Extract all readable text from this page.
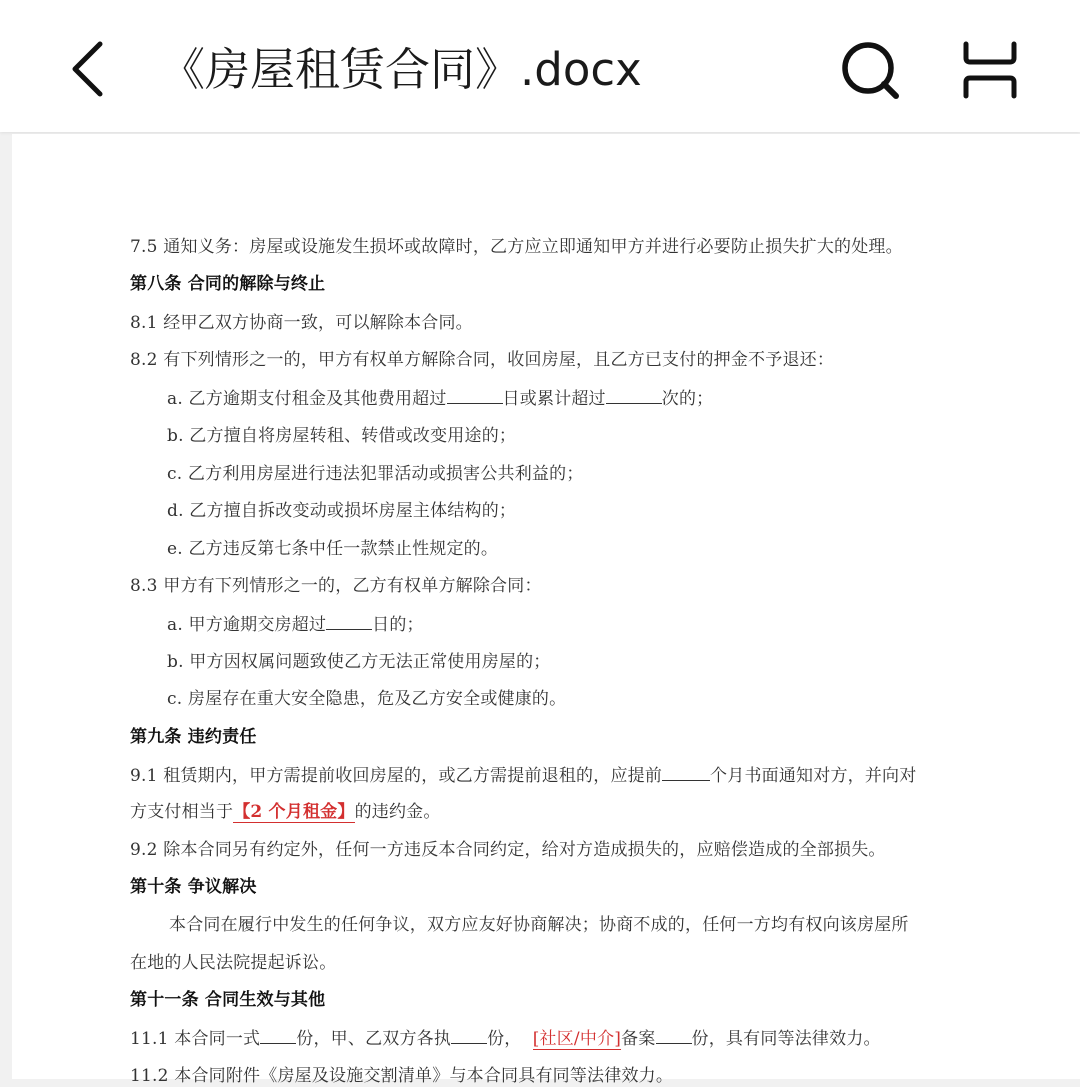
《房屋租赁合同》.docx
7.5 通知义务：房屋或设施发生损坏或故障时，乙方应立即通知甲方并进行必要防止损失扩大的处理。
第八条 合同的解除与终止
8.1 经甲乙双方协商一致，可以解除本合同。
8.2 有下列情形之一的，甲方有权单方解除合同，收回房屋，且乙方已支付的押金不予退还：
a. 乙方逾期支付租金及其他费用超过	日或累计超过	次的；
b. 乙方擅自将房屋转租、转借或改变用途的；
c. 乙方利用房屋进行违法犯罪活动或损害公共利益的；
d. 乙方擅自拆改变动或损坏房屋主体结构的；
e. 乙方违反第七条中任一款禁止性规定的。
8.3 甲方有下列情形之一的，乙方有权单方解除合同：
a. 甲方逾期交房超过	日的；
b. 甲方因权属问题致使乙方无法正常使用房屋的；
c. 房屋存在重大安全隐患，危及乙方安全或健康的。
第九条 违约责任
9.1 租赁期内，甲方需提前收回房屋的，或乙方需提前退租的，应提前	个月书面通知对方，并向对
方支付相当于【2 个月租金】的违约金。
9.2 除本合同另有约定外，任何一方违反本合同约定，给对方造成损失的，应赔偿造成的全部损失。
第十条 争议解决
本合同在履行中发生的任何争议，双方应友好协商解决；协商不成的，任何一方均有权向该房屋所
在地的人民法院提起诉讼。
第十一条 合同生效与其他
11.1 本合同一式 份，甲、乙双方各执 份， [社区/中介]备案 份，具有同等法律效力。
11.2 本合同附件《房屋及设施交割清单》与本合同具有同等法律效力。
